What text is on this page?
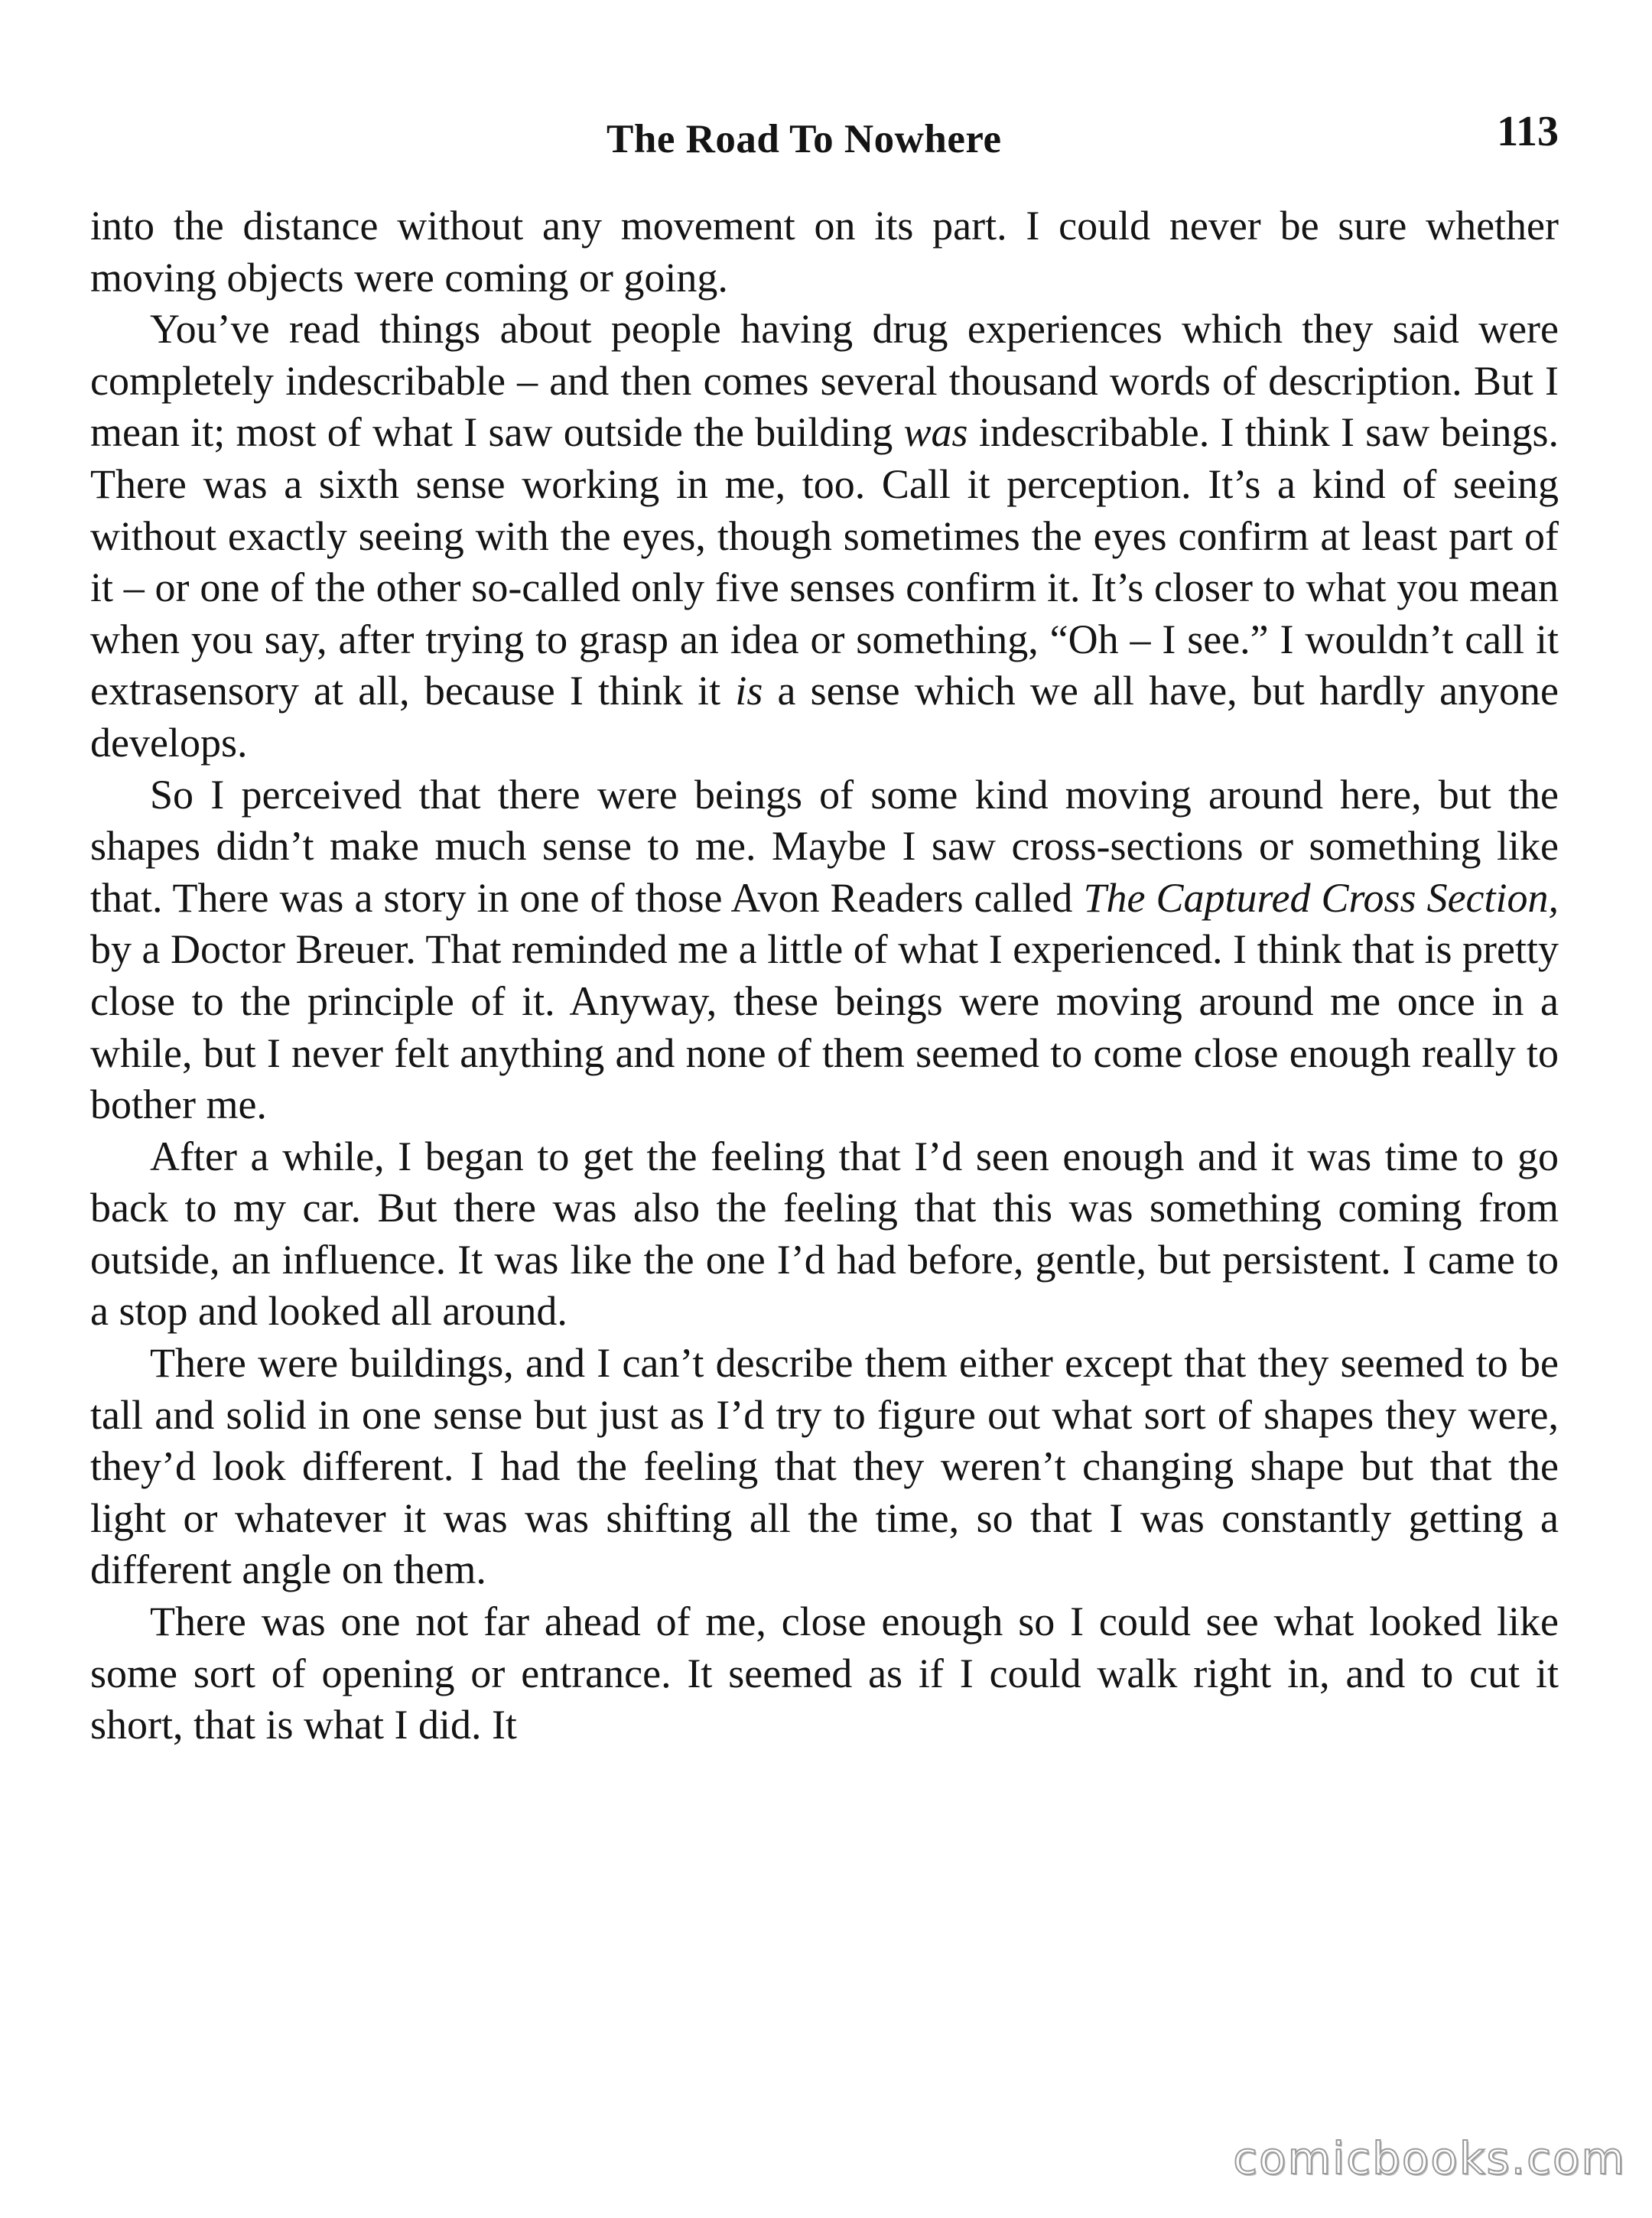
The Road To Nowhere	113

into the distance without any movement on its part. I could never be sure whether moving objects were coming or going.

You’ve read things about people having drug experiences which they said were completely indescribable – and then comes several thousand words of description. But I mean it; most of what I saw outside the building was indescribable. I think I saw beings. There was a sixth sense working in me, too. Call it perception. It’s a kind of seeing without exactly seeing with the eyes, though sometimes the eyes confirm at least part of it – or one of the other so-called only five senses confirm it. It’s closer to what you mean when you say, after trying to grasp an idea or something, “Oh – I see.” I wouldn’t call it extrasensory at all, because I think it is a sense which we all have, but hardly anyone develops.

So I perceived that there were beings of some kind moving around here, but the shapes didn’t make much sense to me. Maybe I saw cross-sections or something like that. There was a story in one of those Avon Readers called The Captured Cross Section, by a Doctor Breuer. That reminded me a little of what I experienced. I think that is pretty close to the principle of it. Anyway, these beings were moving around me once in a while, but I never felt anything and none of them seemed to come close enough really to bother me.

After a while, I began to get the feeling that I’d seen enough and it was time to go back to my car. But there was also the feeling that this was something coming from outside, an influence. It was like the one I’d had before, gentle, but persistent. I came to a stop and looked all around.

There were buildings, and I can’t describe them either except that they seemed to be tall and solid in one sense but just as I’d try to figure out what sort of shapes they were, they’d look different. I had the feeling that they weren’t changing shape but that the light or whatever it was was shifting all the time, so that I was constantly getting a different angle on them.

There was one not far ahead of me, close enough so I could see what looked like some sort of opening or entrance. It seemed as if I could walk right in, and to cut it short, that is what I did. It

comicbooks.com
